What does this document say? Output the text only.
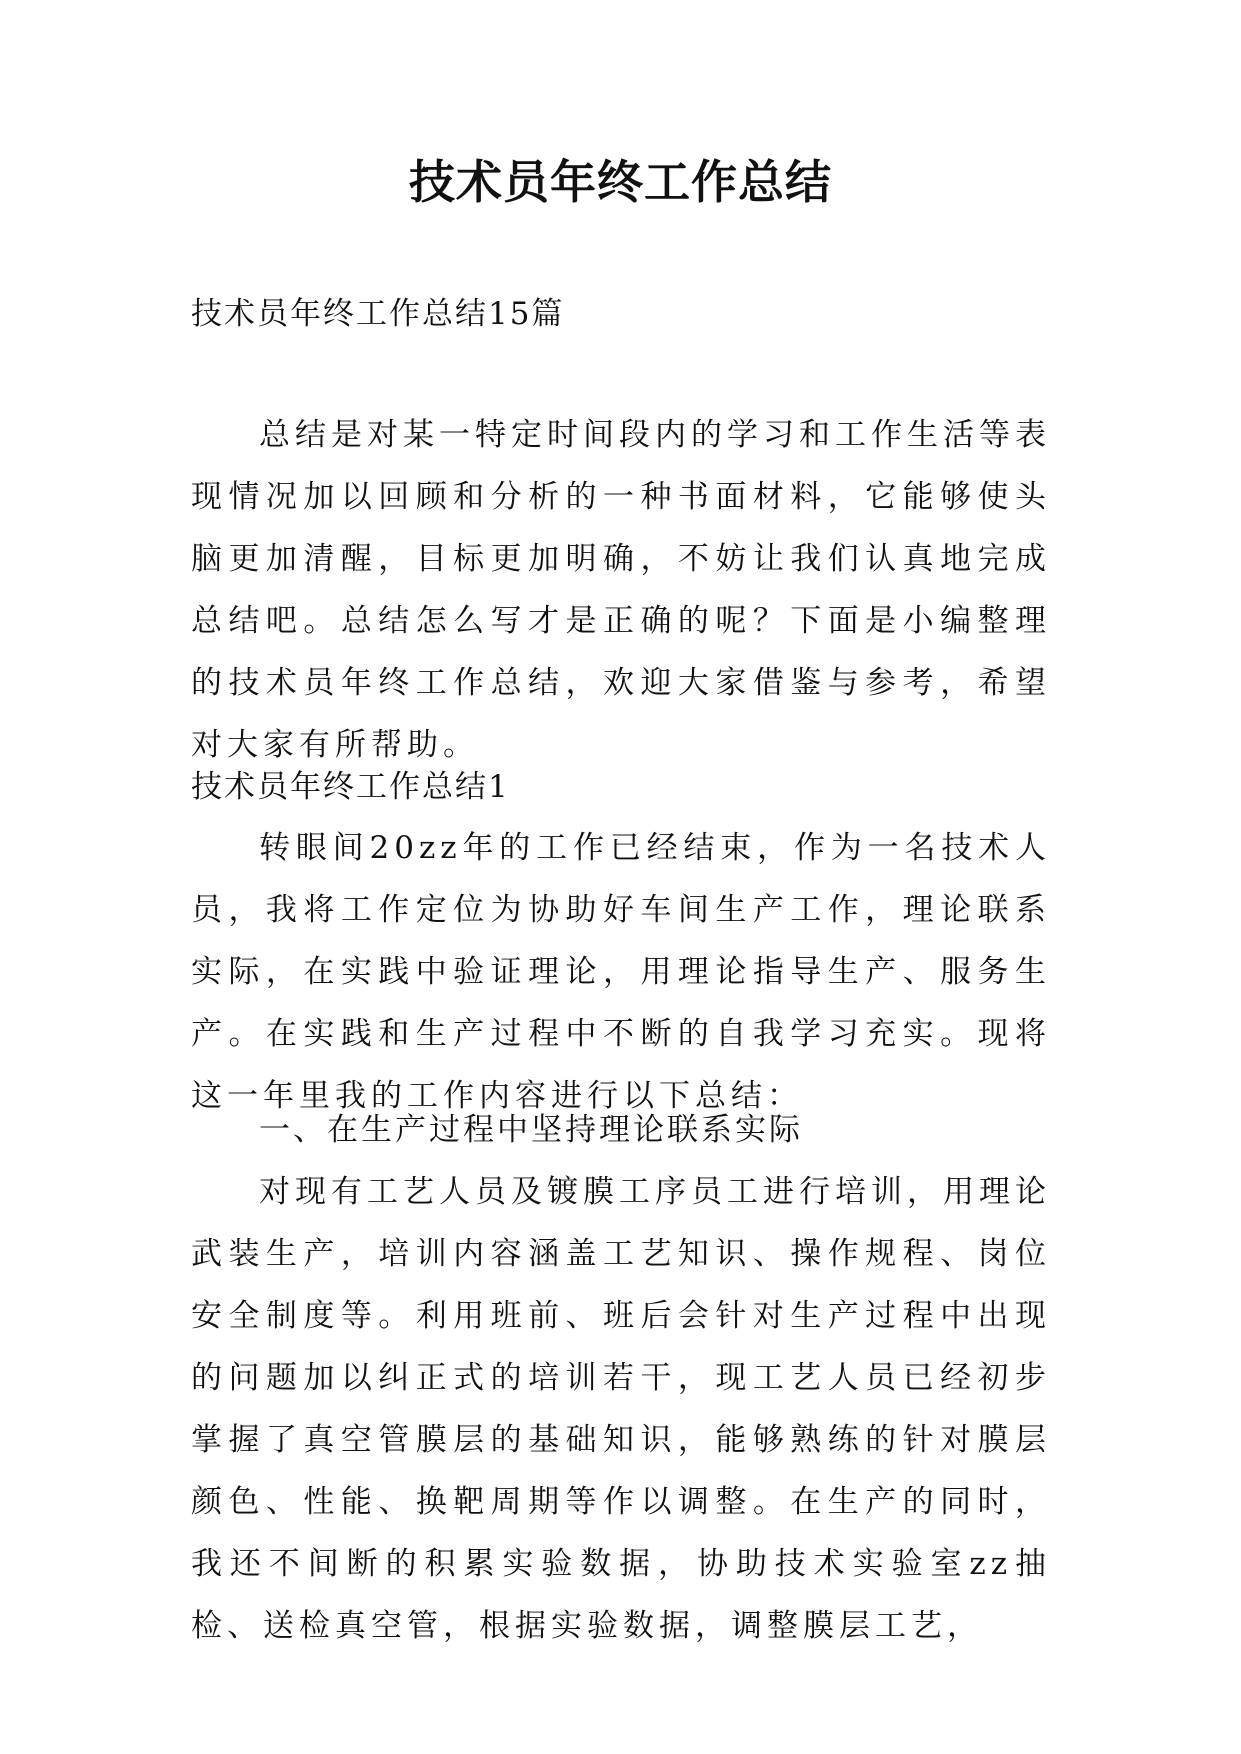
技术员年终工作总结

技术员年终工作总结15篇

总结是对某一特定时间段内的学习和工作生活等表现情况加以回顾和分析的一种书面材料，它能够使头脑更加清醒，目标更加明确，不妨让我们认真地完成总结吧。总结怎么写才是正确的呢？下面是小编整理的技术员年终工作总结，欢迎大家借鉴与参考，希望对大家有所帮助。

技术员年终工作总结1

转眼间20zz年的工作已经结束，作为一名技术人员，我将工作定位为协助好车间生产工作，理论联系实际，在实践中验证理论，用理论指导生产、服务生产。在实践和生产过程中不断的自我学习充实。现将这一年里我的工作内容进行以下总结：

一、在生产过程中坚持理论联系实际

对现有工艺人员及镀膜工序员工进行培训，用理论武装生产，培训内容涵盖工艺知识、操作规程、岗位安全制度等。利用班前、班后会针对生产过程中出现的问题加以纠正式的培训若干，现工艺人员已经初步掌握了真空管膜层的基础知识，能够熟练的针对膜层颜色、性能、换靶周期等作以调整。在生产的同时，我还不间断的积累实验数据，协助技术实验室zz抽检、送检真空管，根据实验数据，调整膜层工艺，
